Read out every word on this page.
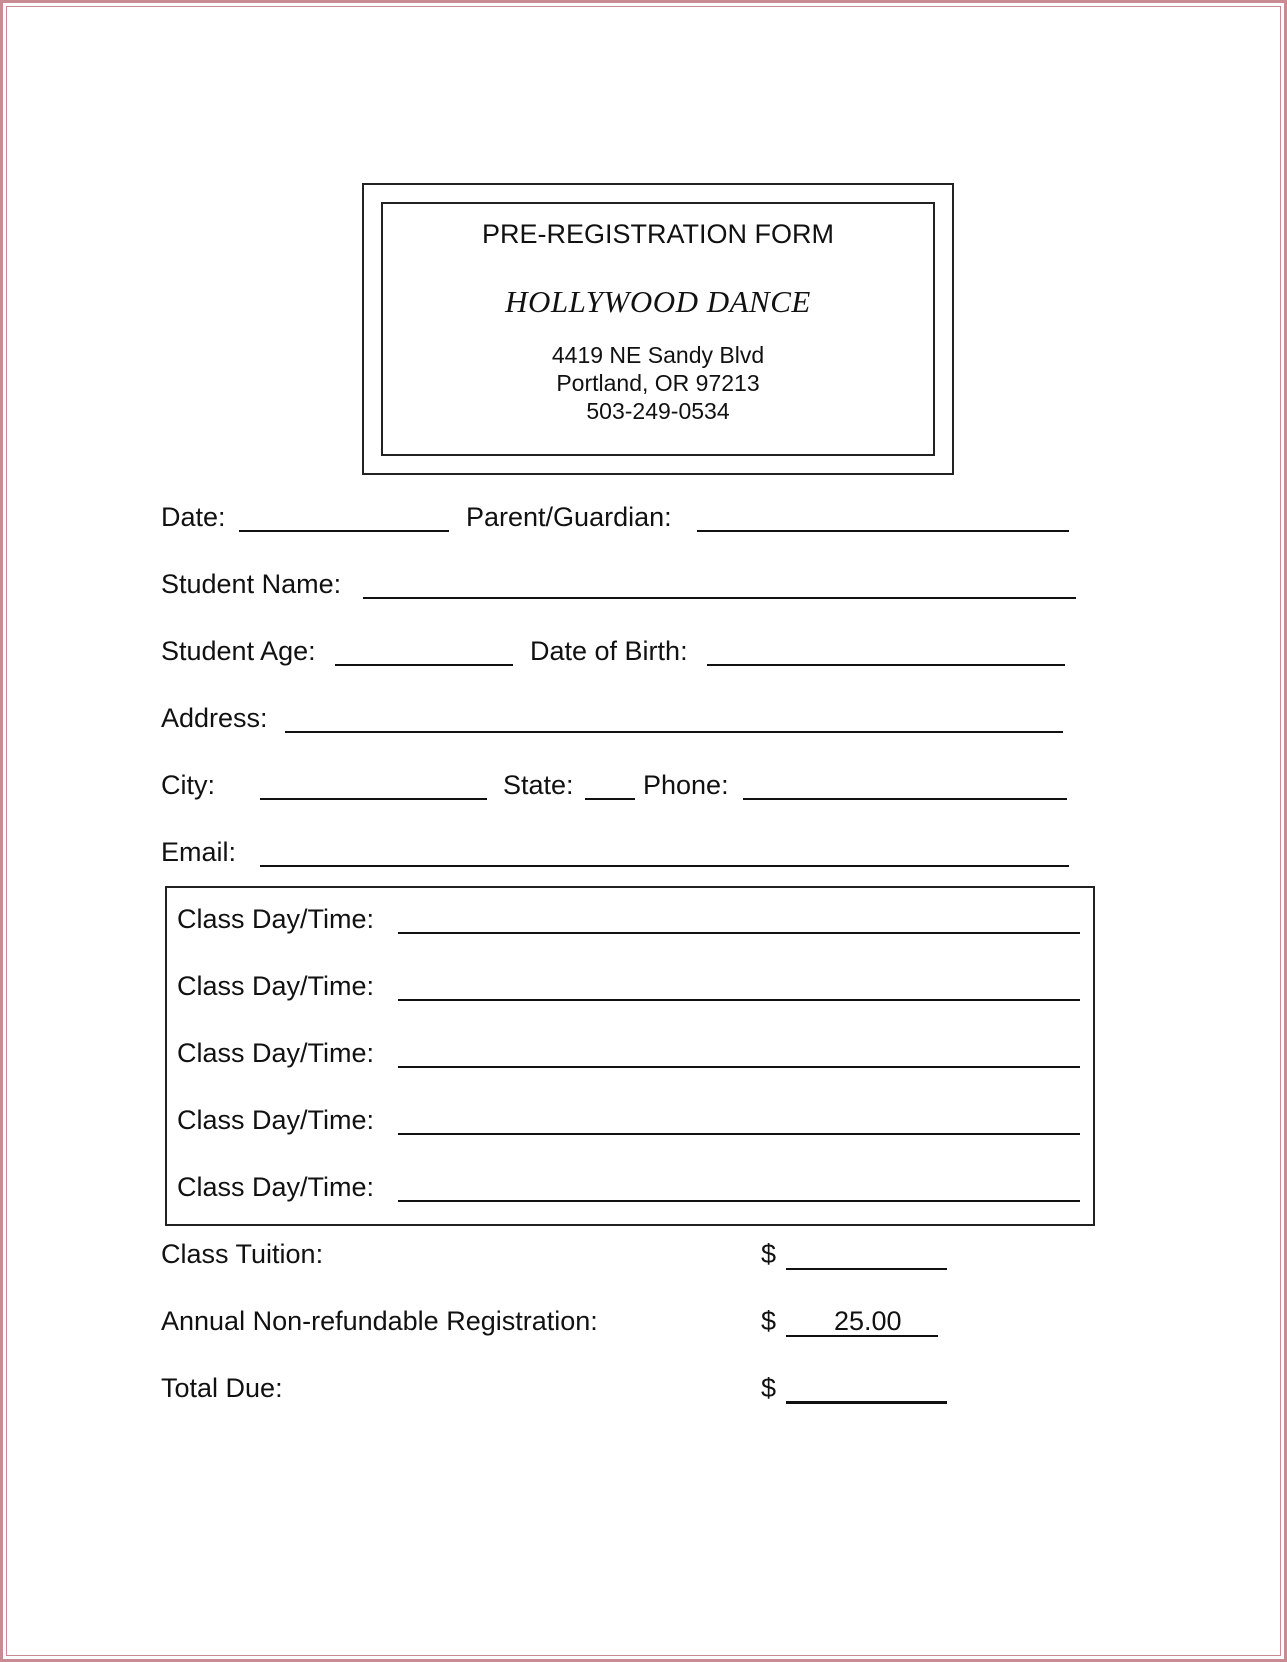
PRE-REGISTRATION FORM
HOLLYWOOD DANCE
4419 NE Sandy Blvd
Portland, OR 97213
503-249-0534
Date:	Parent/Guardian:
Student Name:
Student Age:	Date of Birth:
Address:
City:	State:	Phone:
Email:
Class Day/Time:
Class Day/Time:
Class Day/Time:
Class Day/Time:
Class Day/Time:
Class Tuition:	$
Annual Non-refundable Registration:	$ 25.00
Total Due:	$
